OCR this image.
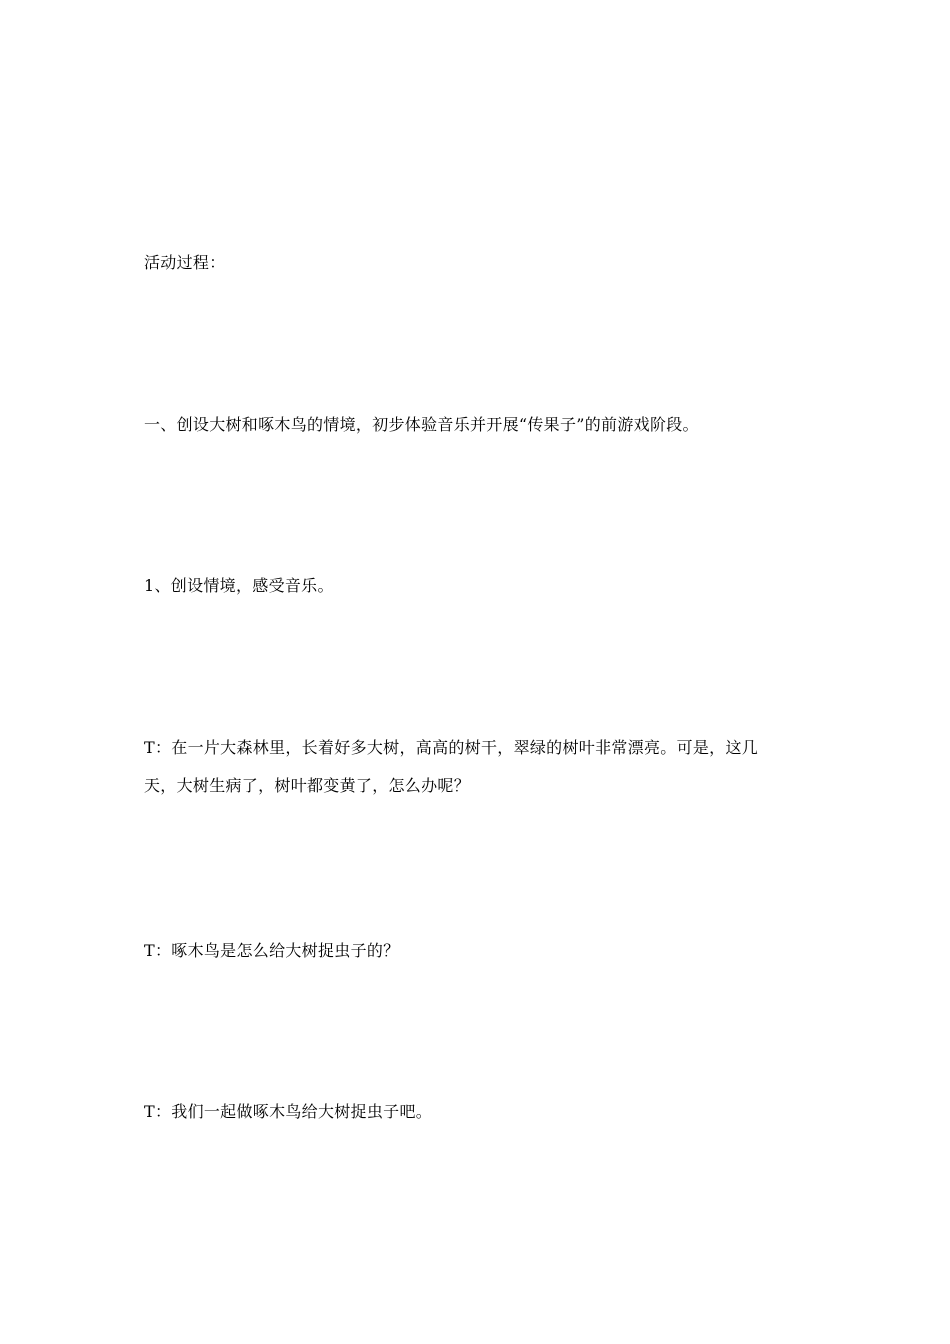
活动过程：

一、创设大树和啄木鸟的情境，初步体验音乐并开展“传果子”的前游戏阶段。

1、创设情境，感受音乐。

T：在一片大森林里，长着好多大树，高高的树干，翠绿的树叶非常漂亮。可是，这几
天，大树生病了，树叶都变黄了，怎么办呢？

T：啄木鸟是怎么给大树捉虫子的？

T：我们一起做啄木鸟给大树捉虫子吧。
